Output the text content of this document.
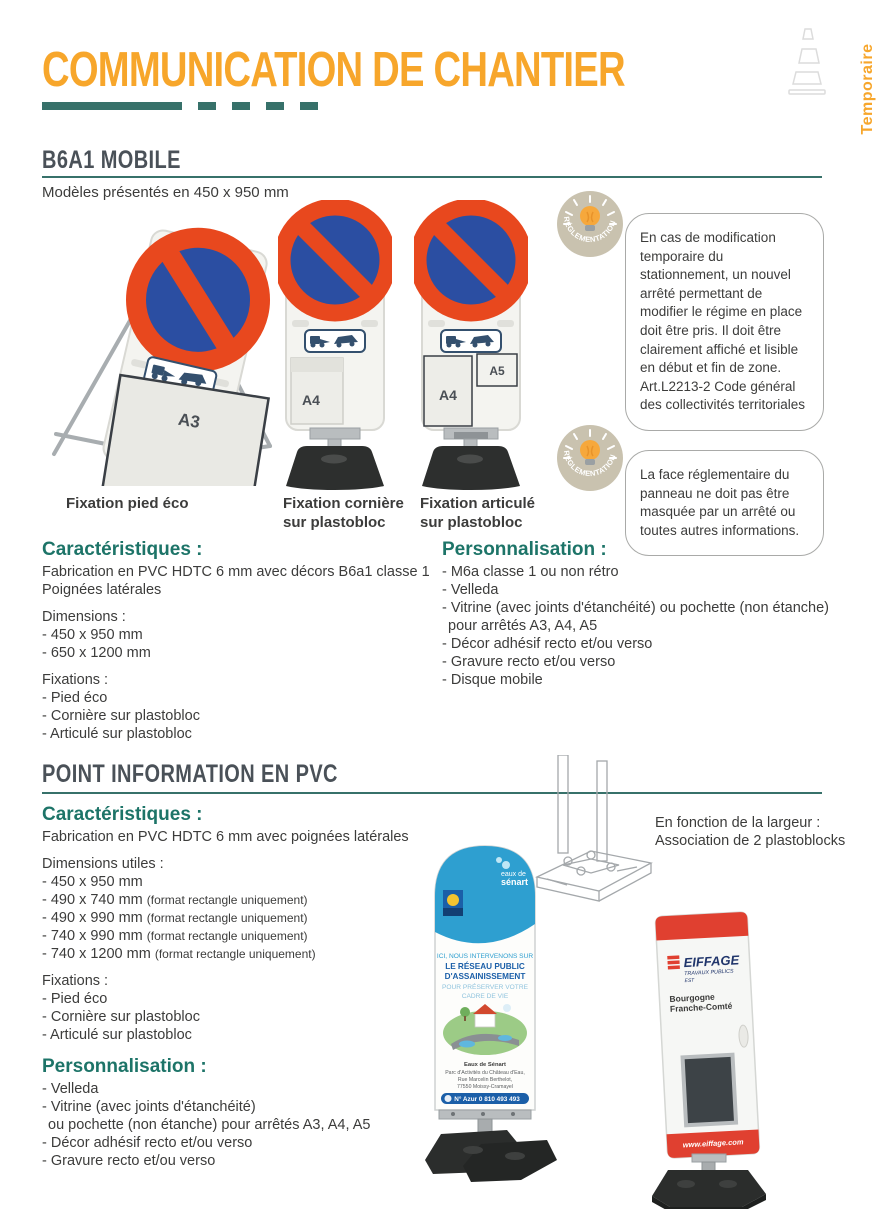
COMMUNICATION DE CHANTIER	Temporaire
B6A1 MOBILE
Modèles présentés en 450 x 950 mm
A3
A4	A4
A5
Fixation pied éco	Fixation cornière
sur plastobloc
Fixation articulé
sur plastobloc
RÉGLEMENTATION
En cas de modification temporaire du stationnement, un nouvel arrêté permettant de modifier le régime en place doit être pris. Il doit être clairement affiché et lisible en début et fin de zone. Art.L2213-2 Code général des collectivités territoriales
RÉGLEMENTATION
La face réglementaire du panneau ne doit pas être masquée par un arrêté ou toutes autres informations.
Caractéristiques :
Fabrication en PVC HDTC 6 mm avec décors B6a1 classe 1
Poignées latérales
Dimensions :
- 450 x 950 mm
- 650 x 1200 mm
Fixations :
- Pied éco
- Cornière sur plastobloc
- Articulé sur plastobloc
Personnalisation :
- M6a classe 1 ou non rétro
- Velleda
- Vitrine (avec joints d'étanchéité) ou pochette (non étanche)
pour arrêtés A3, A4, A5
- Décor adhésif recto et/ou verso
- Gravure recto et/ou verso
- Disque mobile
POINT INFORMATION EN PVC
Caractéristiques :
Fabrication en PVC HDTC 6 mm avec poignées latérales
Dimensions utiles :
- 450 x 950 mm
- 490 x 740 mm (format rectangle uniquement)
- 490 x 990 mm (format rectangle uniquement)
- 740 x 990 mm (format rectangle uniquement)
- 740 x 1200 mm (format rectangle uniquement)
Fixations :
- Pied éco
- Cornière sur plastobloc
- Articulé sur plastobloc
Personnalisation :
- Velleda
- Vitrine (avec joints d'étanchéité)
ou pochette (non étanche) pour arrêtés A3, A4, A5
- Décor adhésif recto et/ou verso
- Gravure recto et/ou verso
En fonction de la largeur :
Association de 2 plastoblocks
eaux de
sénart
ICI, NOUS INTERVENONS SUR
LE RÉSEAU PUBLIC
D'ASSAINISSEMENT
POUR PRÉSERVER VOTRE
CADRE DE VIE
Eaux de Sénart
Parc d'Activités du Château d'Eau,
Rue Marcelin Berthelot,
77550 Moissy-Cramayel
N° Azur 0 810 493 493
EIFFAGE
TRAVAUX PUBLICS
EST
Bourgogne
Franche-Comté
www.eiffage.com
